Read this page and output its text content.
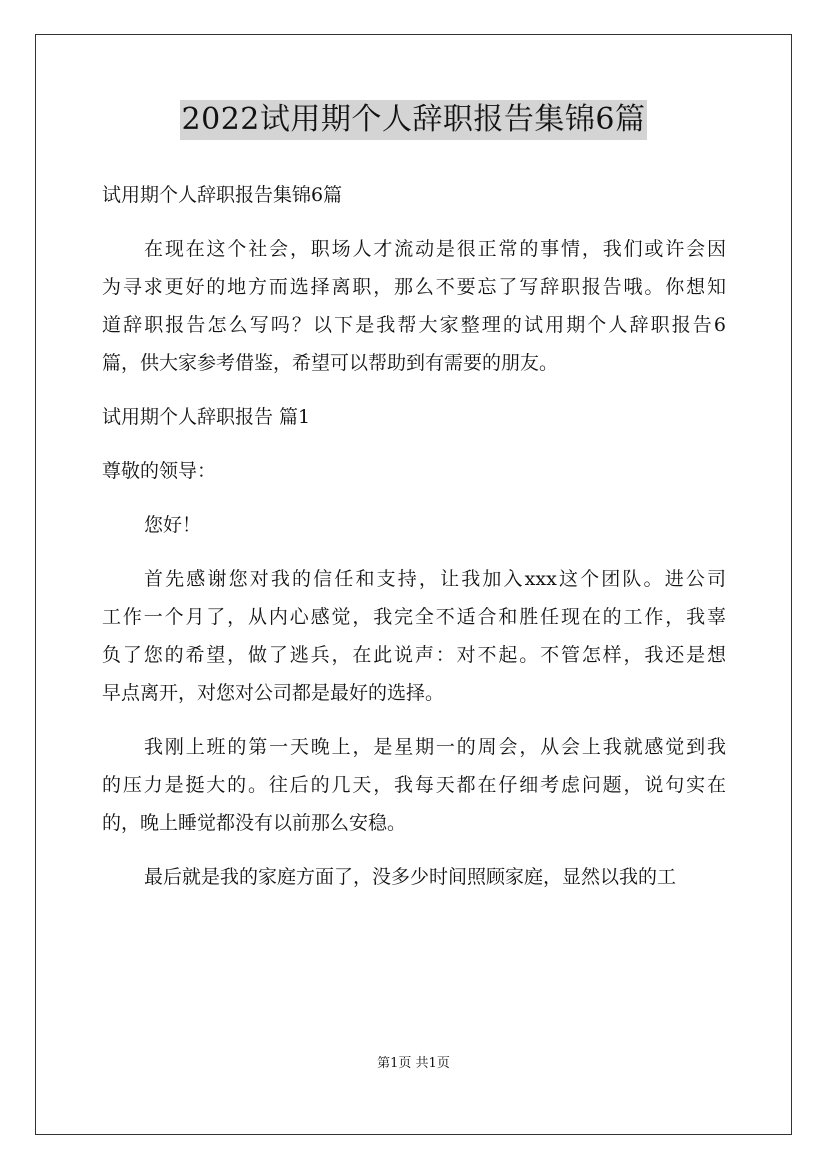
2022试用期个人辞职报告集锦6篇
试用期个人辞职报告集锦6篇
在现在这个社会，职场人才流动是很正常的事情，我们或许会因
为寻求更好的地方而选择离职，那么不要忘了写辞职报告哦。你想知
道辞职报告怎么写吗？以下是我帮大家整理的试用期个人辞职报告6
篇，供大家参考借鉴，希望可以帮助到有需要的朋友。
试用期个人辞职报告 篇1
尊敬的领导：
您好！
首先感谢您对我的信任和支持，让我加入xxx这个团队。进公司
工作一个月了，从内心感觉，我完全不适合和胜任现在的工作，我辜
负了您的希望，做了逃兵，在此说声：对不起。不管怎样，我还是想
早点离开，对您对公司都是最好的选择。
我刚上班的第一天晚上，是星期一的周会，从会上我就感觉到我
的压力是挺大的。往后的几天，我每天都在仔细考虑问题，说句实在
的，晚上睡觉都没有以前那么安稳。
最后就是我的家庭方面了，没多少时间照顾家庭，显然以我的工
第1页 共1页
